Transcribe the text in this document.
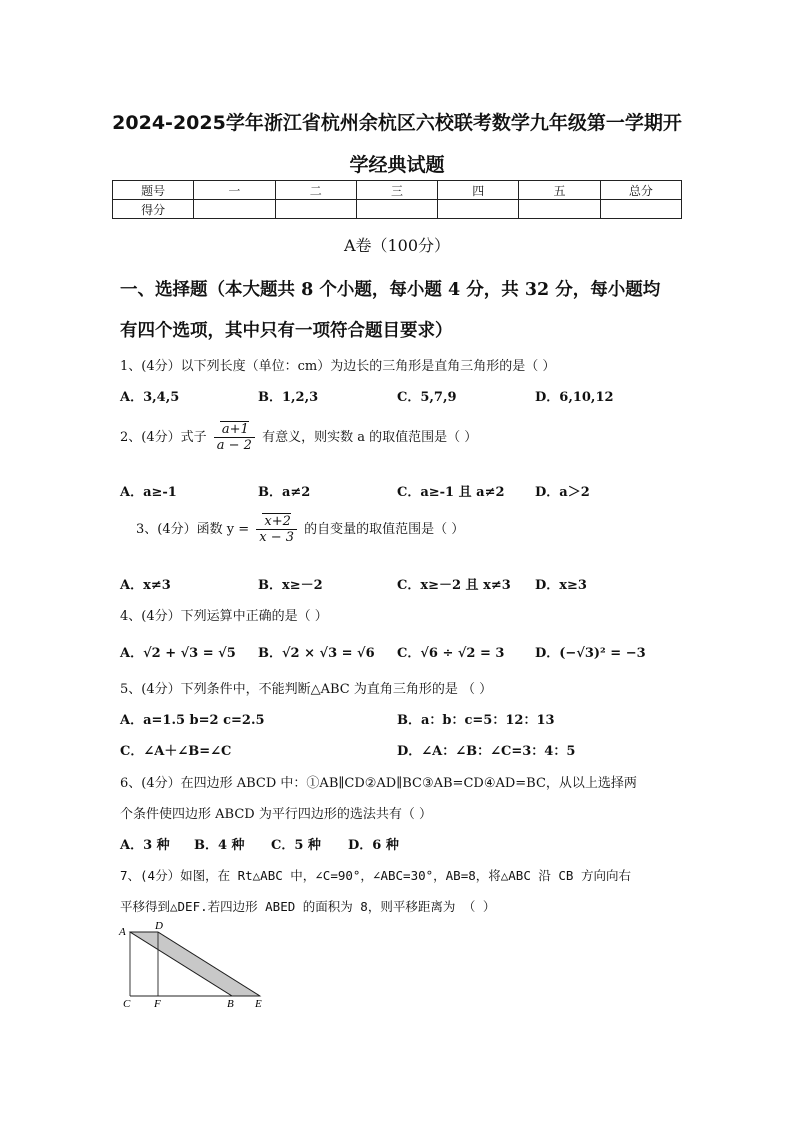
2024-2025学年浙江省杭州余杭区六校联考数学九年级第一学期开
学经典试题
题号	一	二	三	四	五	总分
得分						
A卷（100分）
一、选择题（本大题共 8 个小题，每小题 4 分，共 32 分，每小题均
有四个选项，其中只有一项符合题目要求）
1、(4分）以下列长度（单位：cm）为边长的三角形是直角三角形的是（ ）
A．3,4,5	B．1,2,3	C．5,7,9	D．6,10,12
2、(4分）式子 $\frac{a+1}{a - 2}$ 有意义，则实数 a 的取值范围是（ ）
A．a≥-1	B．a≠2	C．a≥-1 且 a≠2 D．a＞2
3、(4分）函数 $y = \frac{x+2}{x - 3}$ 的自变量的取值范围是（ ）
A．x≠3	B．x≥－2	C．x≥－2 且 x≠3 D．x≥3
4、(4分）下列运算中正确的是（ ）
A．√2 + √3 = √5 B．√2 × √3 = √6 C．√6 ÷ √2 = 3 D．(−√3)² = −3
5、(4分）下列条件中，不能判断△ABC 为直角三角形的是 （ ）
A．a=1.5 b=2 c=2.5	B．a：b：c=5：12：13
C．∠A＋∠B=∠C	D．∠A：∠B：∠C=3：4：5
6、(4分）在四边形 ABCD 中：①AB∥CD②AD∥BC③AB=CD④AD=BC，从以上选择两
个条件使四边形 ABCD 为平行四边形的选法共有（ ）
A．3 种 B．4 种 C．5 种 D．6 种
7、(4分）如图，在 Rt△ABC 中，∠C=90°，∠ABC=30°，AB=8，将△ABC 沿 CB 方向向右
平移得到△DEF.若四边形 ABED 的面积为 8，则平移距离为 （ ）
A	D
C F	B E
